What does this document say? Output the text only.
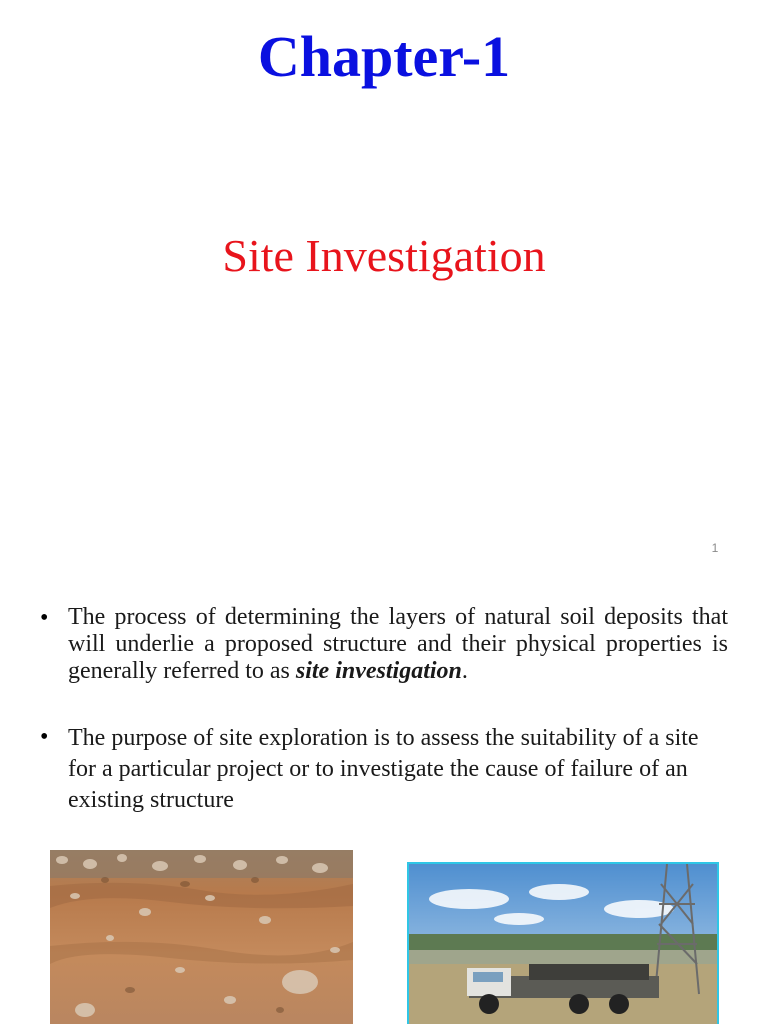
Chapter-1
Site Investigation
1
• The process of determining the layers of natural soil deposits that will underlie a proposed structure and their physical properties is generally referred to as site investigation.
• The purpose of site exploration is to assess the suitability of a site for a particular project or to investigate the cause of failure of an existing structure
